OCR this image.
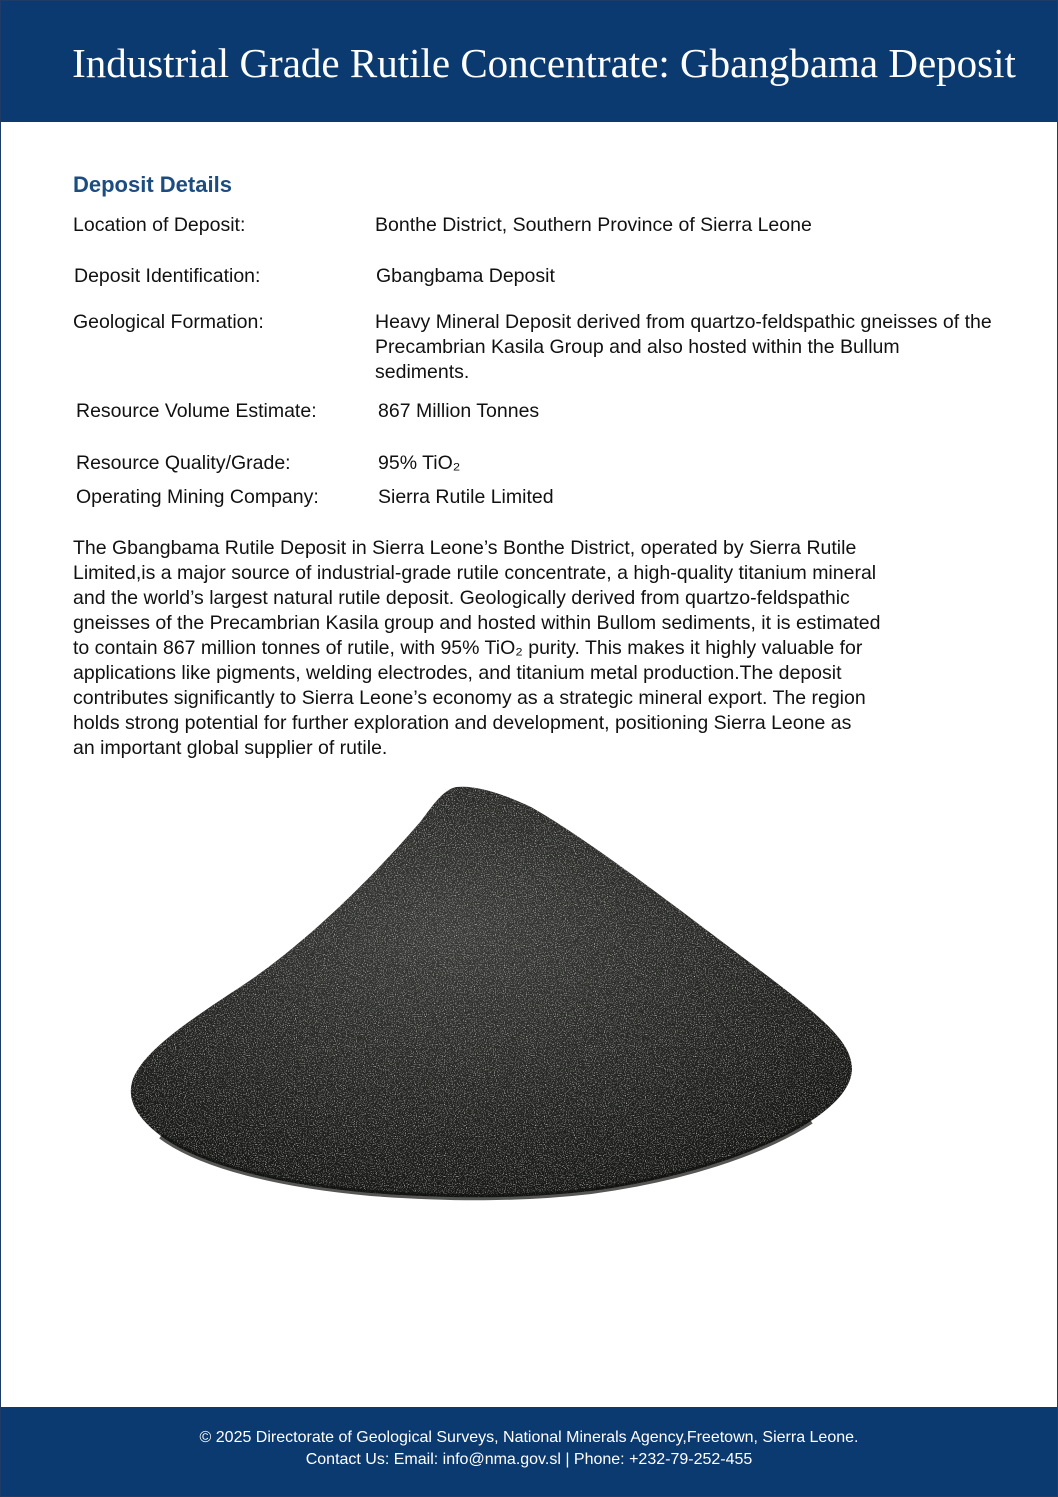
Industrial Grade Rutile Concentrate: Gbangbama Deposit
Deposit Details
Location of Deposit:	Bonthe District, Southern Province of Sierra Leone
Deposit Identification:	Gbangbama Deposit
Geological Formation:	Heavy Mineral Deposit derived from quartzo-feldspathic gneisses of the Precambrian Kasila Group and also hosted within the Bullum sediments.
Resource Volume Estimate:	867 Million Tonnes
Resource Quality/Grade:	95% TiO₂
Operating Mining Company:	Sierra Rutile Limited
The Gbangbama Rutile Deposit in Sierra Leone’s Bonthe District, operated by Sierra Rutile
Limited,is a major source of industrial-grade rutile concentrate, a high-quality titanium mineral
and the world’s largest natural rutile deposit. Geologically derived from quartzo-feldspathic
gneisses of the Precambrian Kasila group and hosted within Bullom sediments, it is estimated
to contain 867 million tonnes of rutile, with 95% TiO₂ purity. This makes it highly valuable for
applications like pigments, welding electrodes, and titanium metal production.The deposit
contributes significantly to Sierra Leone’s economy as a strategic mineral export. The region
holds strong potential for further exploration and development, positioning Sierra Leone as
an important global supplier of rutile.
© 2025 Directorate of Geological Surveys, National Minerals Agency,Freetown, Sierra Leone.
Contact Us: Email: info@nma.gov.sl | Phone: +232-79-252-455
